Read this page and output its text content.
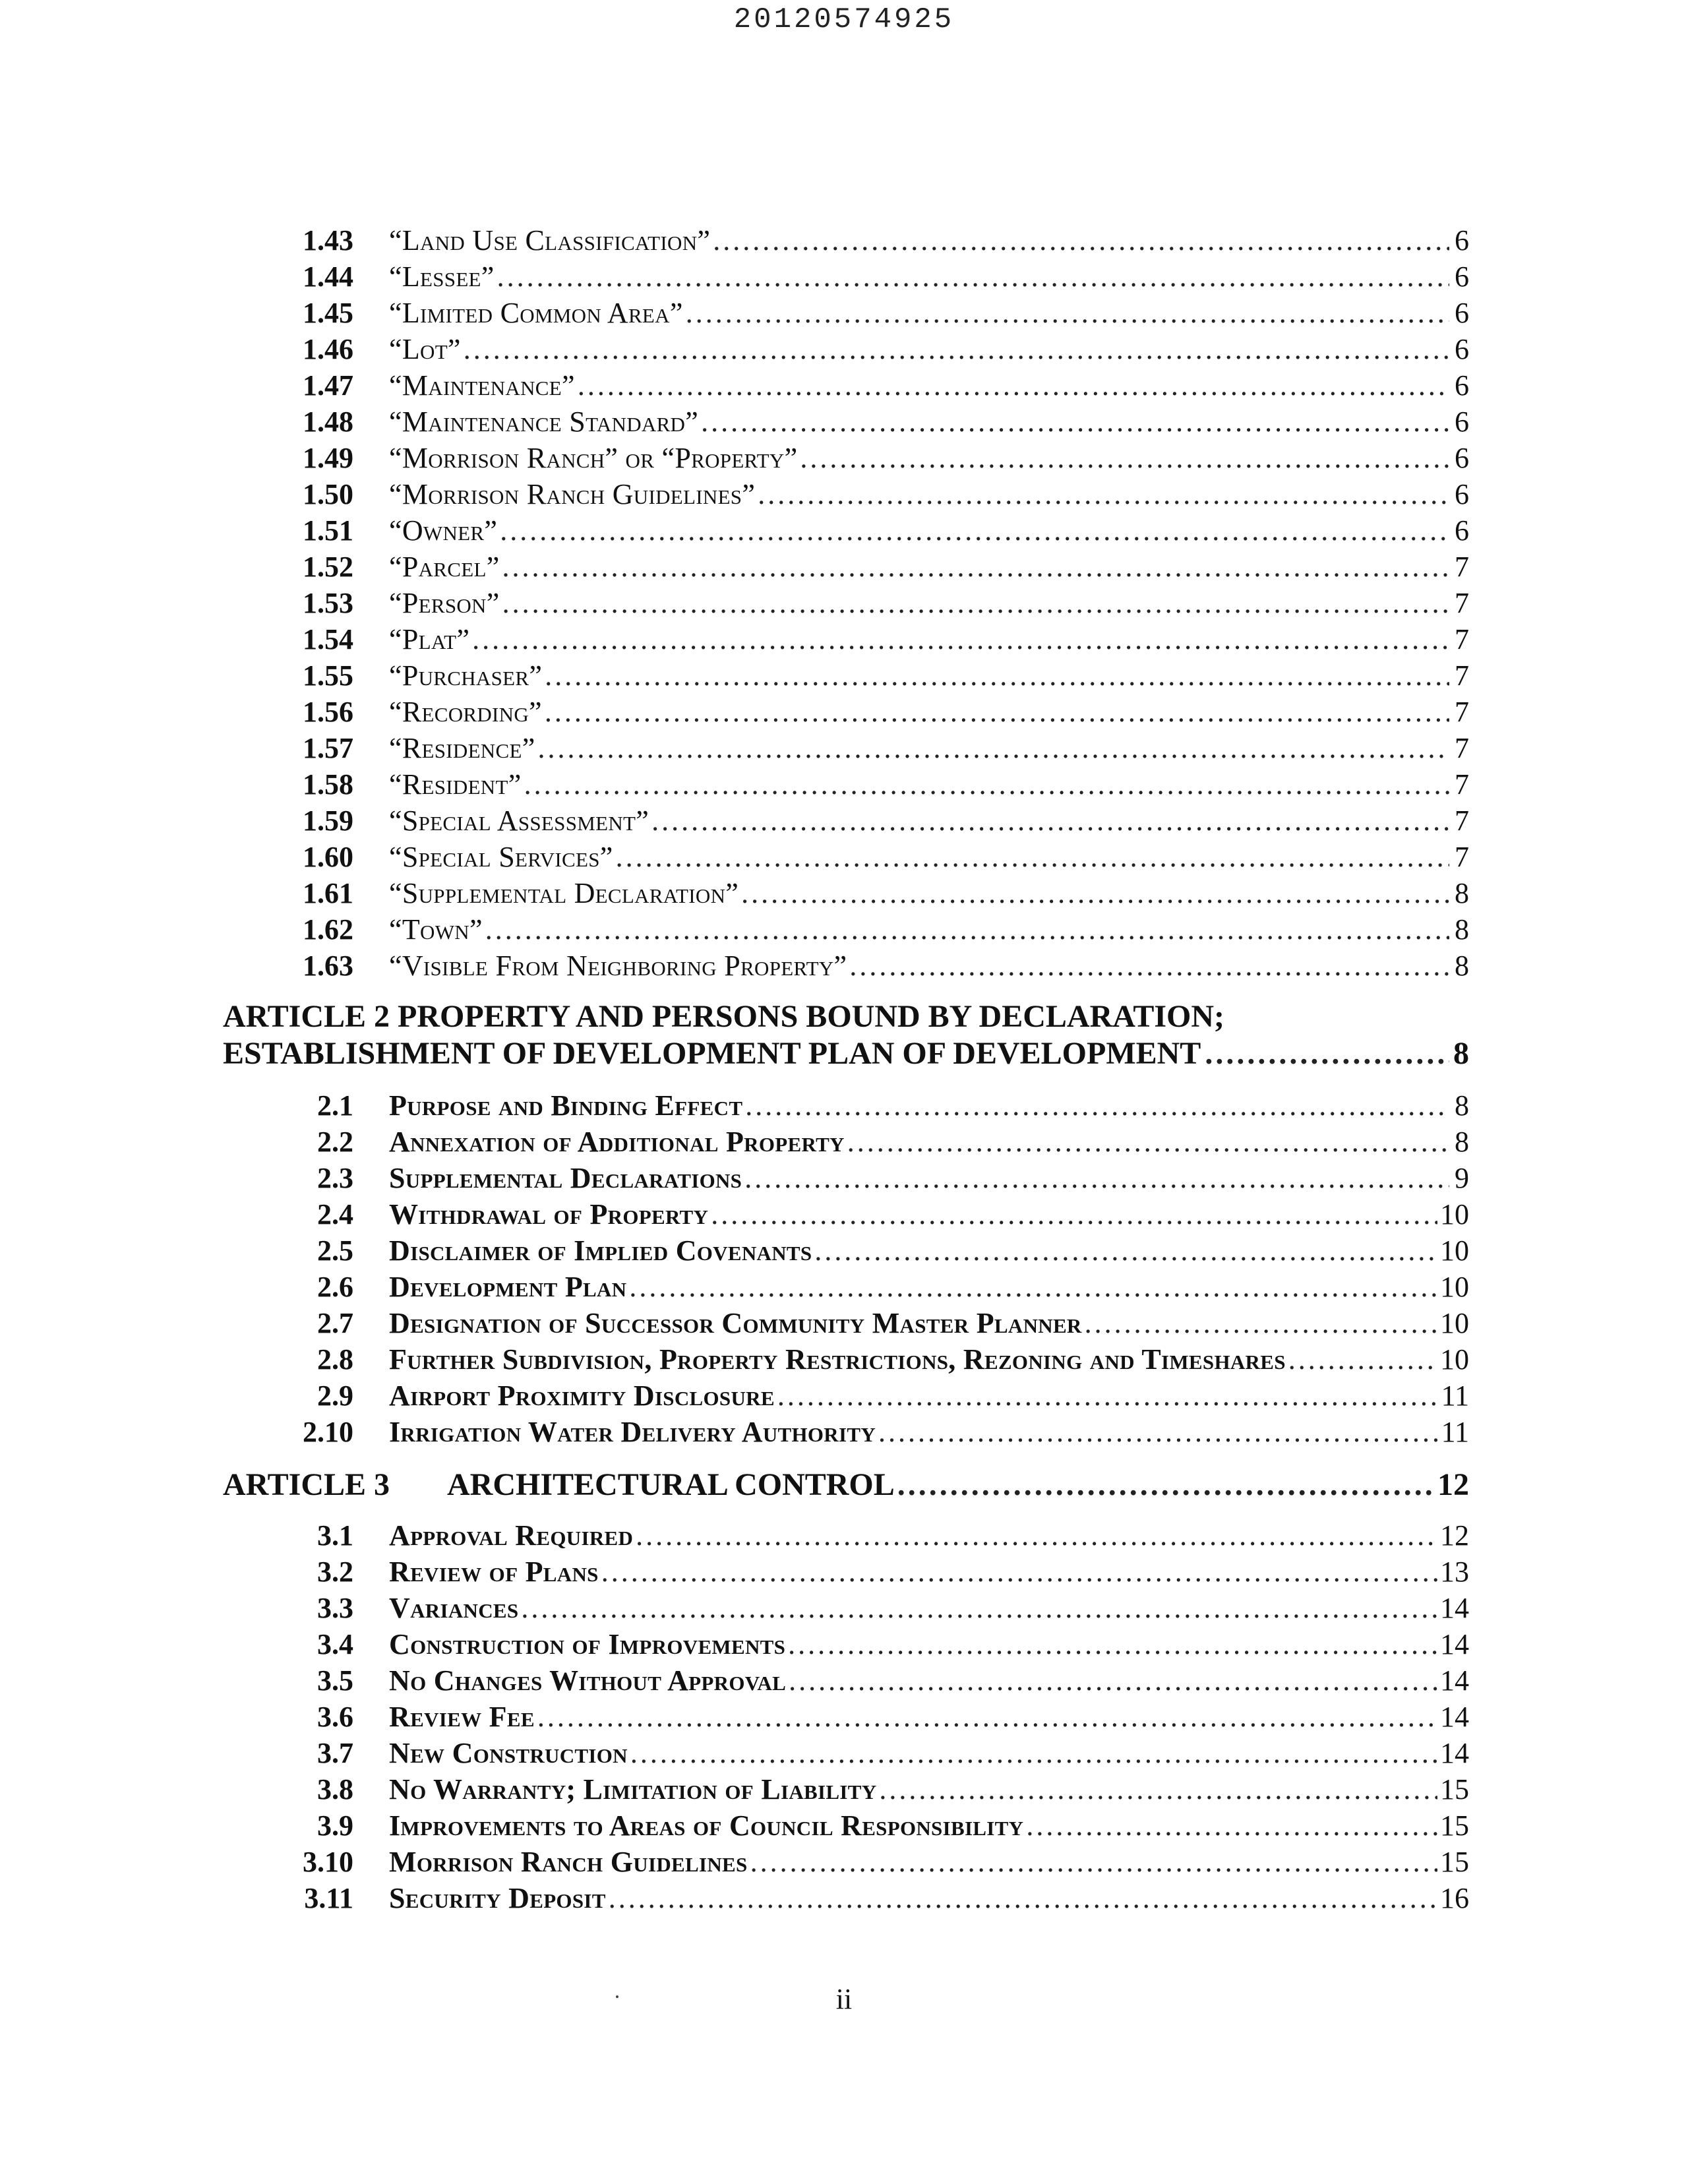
20120574925
1.43	“Land Use Classification” .....	6
1.44	“Lessee” .....	6
1.45	“Limited Common Area” .....	6
1.46	“Lot” .....	6
1.47	“Maintenance” .....	6
1.48	“Maintenance Standard” .....	6
1.49	“Morrison Ranch” or “Property” .....	6
1.50	“Morrison Ranch Guidelines” .....	6
1.51	“Owner” .....	6
1.52	“Parcel” .....	7
1.53	“Person” .....	7
1.54	“Plat” .....	7
1.55	“Purchaser” .....	7
1.56	“Recording” .....	7
1.57	“Residence” .....	7
1.58	“Resident” .....	7
1.59	“Special Assessment” .....	7
1.60	“Special Services” .....	7
1.61	“Supplemental Declaration” .....	8
1.62	“Town” .....	8
1.63	“Visible From Neighboring Property” .....	8
ARTICLE 2 PROPERTY AND PERSONS BOUND BY DECLARATION;
ESTABLISHMENT OF DEVELOPMENT PLAN OF DEVELOPMENT .....	8
2.1	Purpose and Binding Effect .....	8
2.2	Annexation of Additional Property .....	8
2.3	Supplemental Declarations .....	9
2.4	Withdrawal of Property .....	10
2.5	Disclaimer of Implied Covenants .....	10
2.6	Development Plan .....	10
2.7	Designation of Successor Community Master Planner .....	10
2.8	Further Subdivision, Property Restrictions, Rezoning and Timeshares .....	10
2.9	Airport Proximity Disclosure .....	11
2.10	Irrigation Water Delivery Authority .....	11
ARTICLE 3	ARCHITECTURAL CONTROL .....	12
3.1	Approval Required .....	12
3.2	Review of Plans .....	13
3.3	Variances .....	14
3.4	Construction of Improvements .....	14
3.5	No Changes Without Approval .....	14
3.6	Review Fee .....	14
3.7	New Construction .....	14
3.8	No Warranty; Limitation of Liability .....	15
3.9	Improvements to Areas of Council Responsibility .....	15
3.10	Morrison Ranch Guidelines .....	15
3.11	Security Deposit .....	16
ii
